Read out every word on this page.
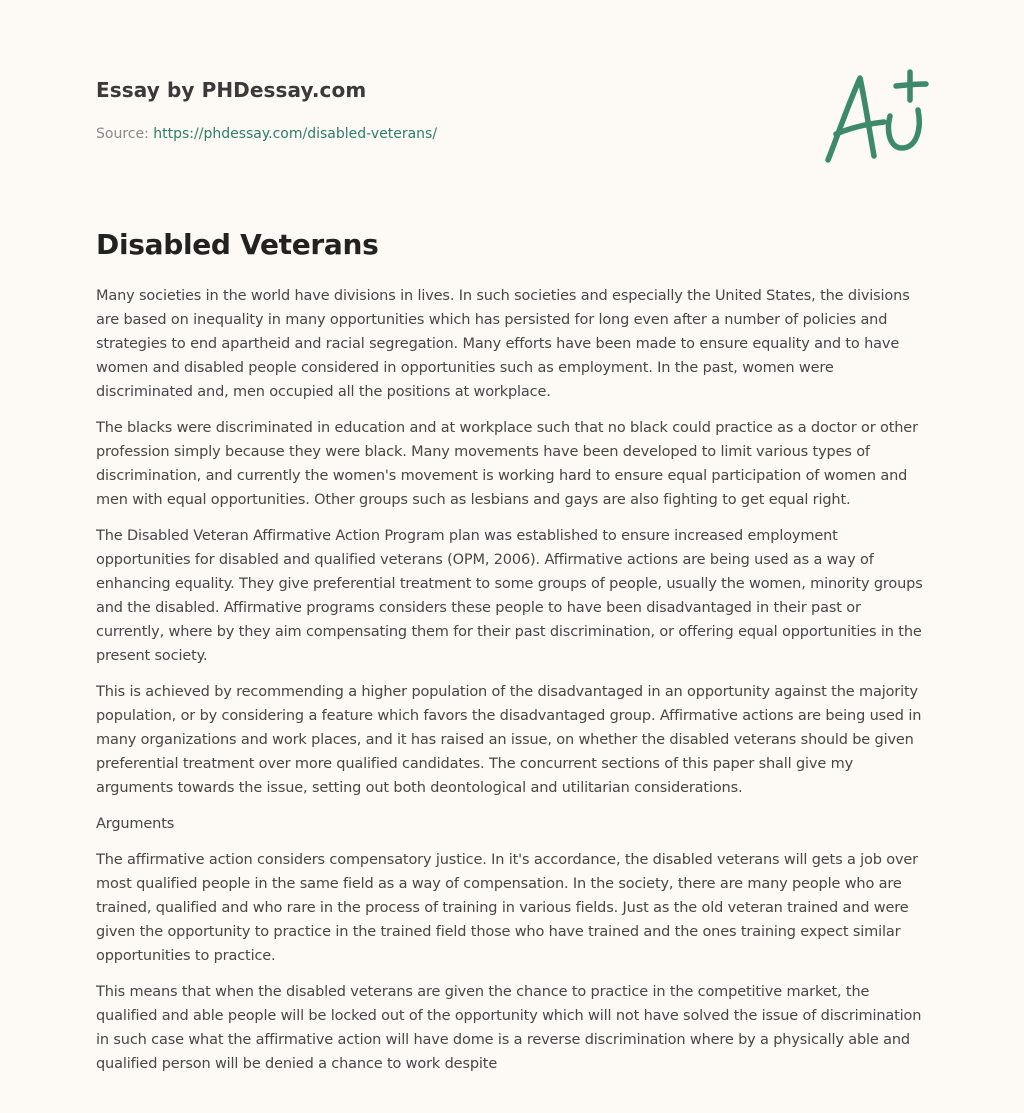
Essay by PHDessay.com
Source: https://phdessay.com/disabled-veterans/
Disabled Veterans

Many societies in the world have divisions in lives. In such societies and especially the United States, the divisions are based on inequality in many opportunities which has persisted for long even after a number of policies and strategies to end apartheid and racial segregation. Many efforts have been made to ensure equality and to have women and disabled people considered in opportunities such as employment. In the past, women were discriminated and, men occupied all the positions at workplace.

The blacks were discriminated in education and at workplace such that no black could practice as a doctor or other profession simply because they were black. Many movements have been developed to limit various types of discrimination, and currently the women's movement is working hard to ensure equal participation of women and men with equal opportunities. Other groups such as lesbians and gays are also fighting to get equal right.

The Disabled Veteran Affirmative Action Program plan was established to ensure increased employment opportunities for disabled and qualified veterans (OPM, 2006). Affirmative actions are being used as a way of enhancing equality. They give preferential treatment to some groups of people, usually the women, minority groups and the disabled. Affirmative programs considers these people to have been disadvantaged in their past or currently, where by they aim compensating them for their past discrimination, or offering equal opportunities in the present society.

This is achieved by recommending a higher population of the disadvantaged in an opportunity against the majority population, or by considering a feature which favors the disadvantaged group. Affirmative actions are being used in many organizations and work places, and it has raised an issue, on whether the disabled veterans should be given preferential treatment over more qualified candidates. The concurrent sections of this paper shall give my arguments towards the issue, setting out both deontological and utilitarian considerations.

Arguments

The affirmative action considers compensatory justice. In it's accordance, the disabled veterans will gets a job over most qualified people in the same field as a way of compensation. In the society, there are many people who are trained, qualified and who rare in the process of training in various fields. Just as the old veteran trained and were given the opportunity to practice in the trained field those who have trained and the ones training expect similar opportunities to practice.

This means that when the disabled veterans are given the chance to practice in the competitive market, the qualified and able people will be locked out of the opportunity which will not have solved the issue of discrimination in such case what the affirmative action will have dome is a reverse discrimination where by a physically able and qualified person will be denied a chance to work despite
